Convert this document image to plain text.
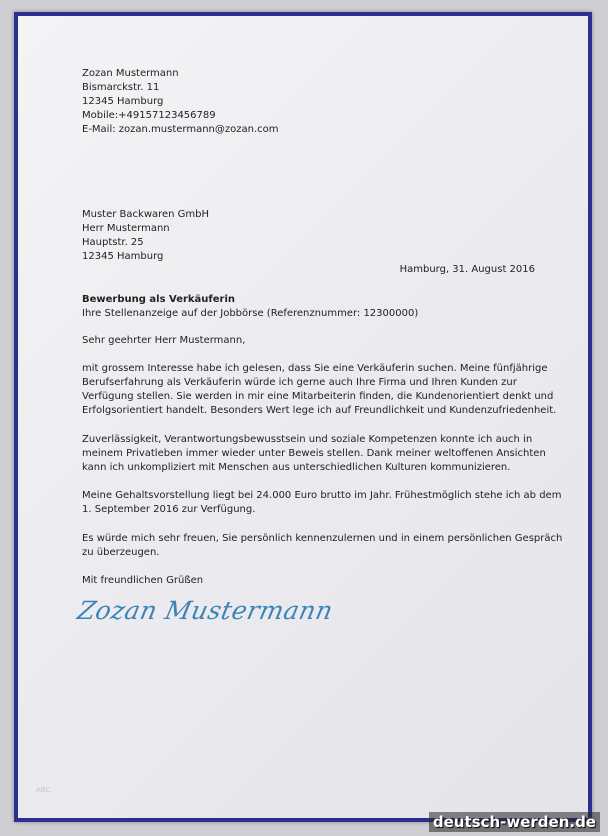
Zozan Mustermann
Bismarckstr. 11
12345 Hamburg
Mobile:+49157123456789
E-Mail: zozan.mustermann@zozan.com
Muster Backwaren GmbH
Herr Mustermann
Hauptstr. 25
12345 Hamburg
Hamburg, 31. August 2016
Bewerbung als Verkäuferin
Ihre Stellenanzeige auf der Jobbörse (Referenznummer: 12300000)
Sehr geehrter Herr Mustermann,
mit grossem Interesse habe ich gelesen, dass Sie eine Verkäuferin suchen. Meine fünfjährige
Berufserfahrung als Verkäuferin würde ich gerne auch Ihre Firma und Ihren Kunden zur
Verfügung stellen. Sie werden in mir eine Mitarbeiterin finden, die Kundenorientiert denkt und
Erfolgsorientiert handelt. Besonders Wert lege ich auf Freundlichkeit und Kundenzufriedenheit.
Zuverlässigkeit, Verantwortungsbewusstsein und soziale Kompetenzen konnte ich auch in
meinem Privatleben immer wieder unter Beweis stellen. Dank meiner weltoffenen Ansichten
kann ich unkompliziert mit Menschen aus unterschiedlichen Kulturen kommunizieren.
Meine Gehaltsvorstellung liegt bei 24.000 Euro brutto im Jahr. Frühestmöglich stehe ich ab dem
1. September 2016 zur Verfügung.
Es würde mich sehr freuen, Sie persönlich kennenzulernen und in einem persönlichen Gespräch
zu überzeugen.
Mit freundlichen Grüßen
Zozan Mustermann
ABC
deutsch-werden.de
